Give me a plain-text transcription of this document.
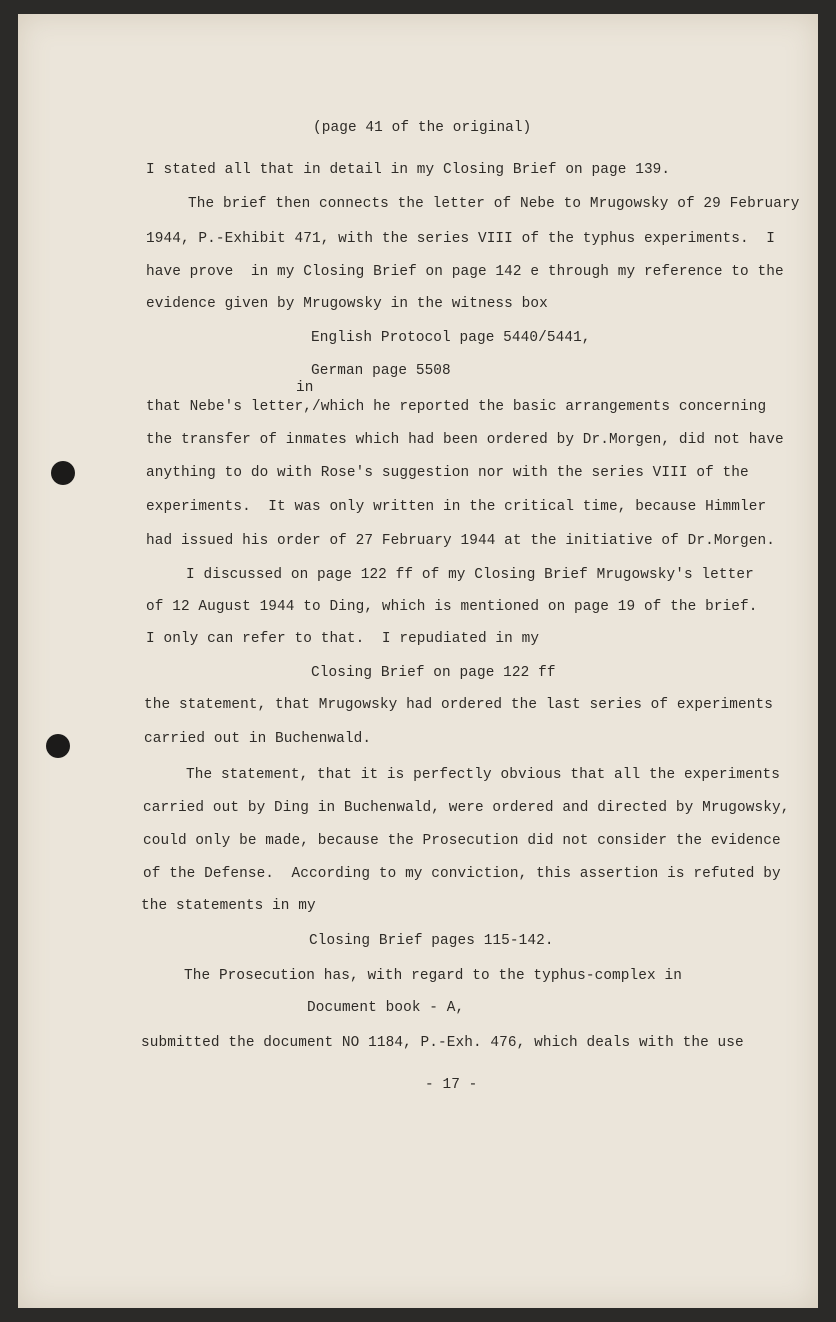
(page 41 of the original)
I stated all that in detail in my Closing Brief on page 139.
The brief then connects the letter of Nebe to Mrugowsky of 29 February
1944, P.-Exhibit 471, with the series VIII of the typhus experiments.  I
have prove  in my Closing Brief on page 142 e through my reference to the
evidence given by Mrugowsky in the witness box
English Protocol page 5440/5441,
German page 5508
in
that Nebe's letter,/which he reported the basic arrangements concerning
the transfer of inmates which had been ordered by Dr.Morgen, did not have
anything to do with Rose's suggestion nor with the series VIII of the
experiments.  It was only written in the critical time, because Himmler
had issued his order of 27 February 1944 at the initiative of Dr.Morgen.
I discussed on page 122 ff of my Closing Brief Mrugowsky's letter
of 12 August 1944 to Ding, which is mentioned on page 19 of the brief.
I only can refer to that.  I repudiated in my
Closing Brief on page 122 ff
the statement, that Mrugowsky had ordered the last series of experiments
carried out in Buchenwald.
The statement, that it is perfectly obvious that all the experiments
carried out by Ding in Buchenwald, were ordered and directed by Mrugowsky,
could only be made, because the Prosecution did not consider the evidence
of the Defense.  According to my conviction, this assertion is refuted by
the statements in my
Closing Brief pages 115-142.
The Prosecution has, with regard to the typhus-complex in
Document book - A,
submitted the document NO 1184, P.-Exh. 476, which deals with the use
- 17 -
